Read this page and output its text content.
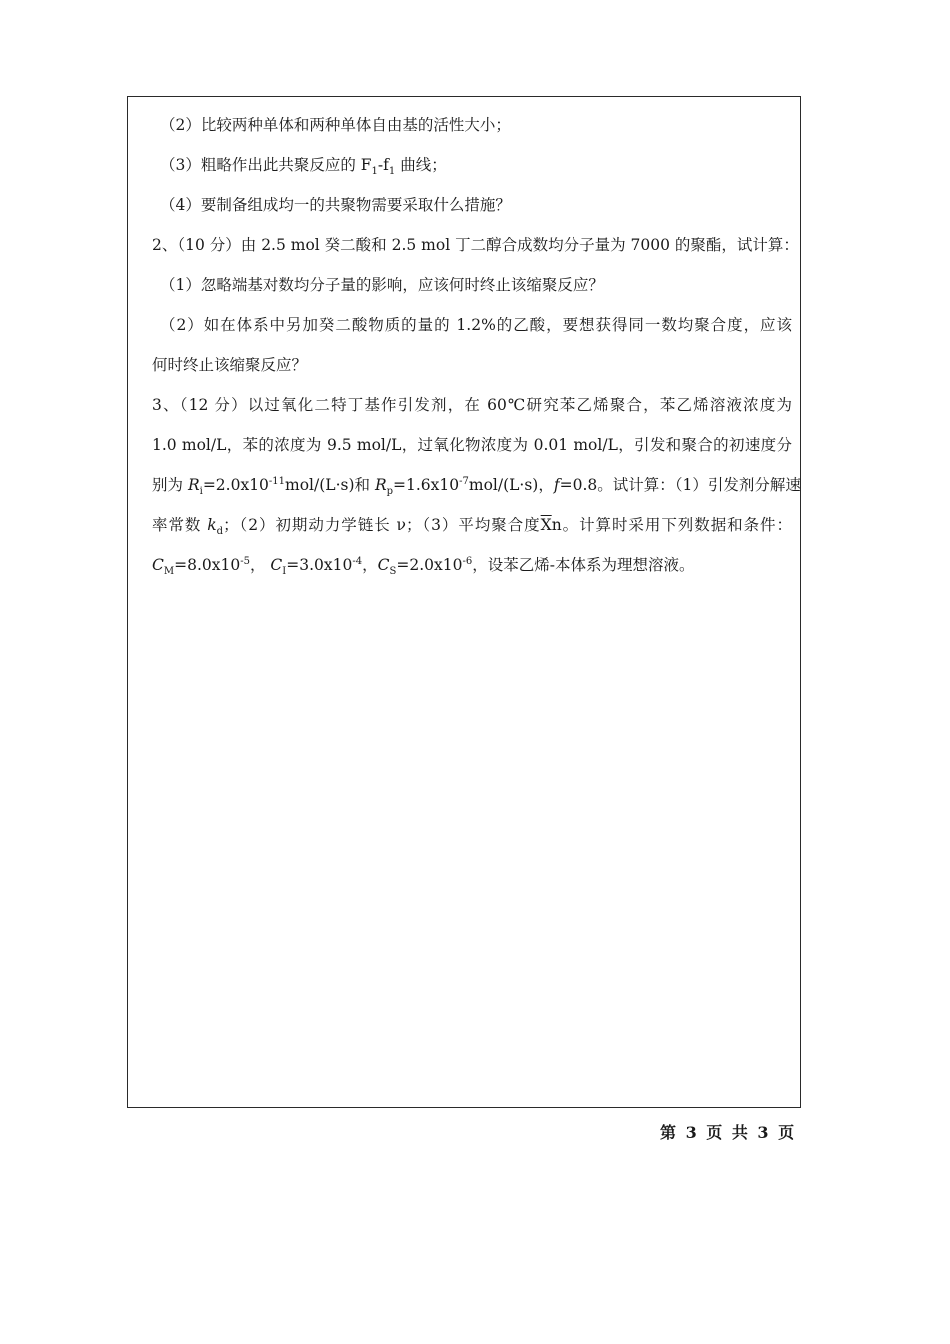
（2）比较两种单体和两种单体自由基的活性大小；

（3）粗略作出此共聚反应的 $F_1-f_1$ 曲线；

（4）要制备组成均一的共聚物需要采取什么措施？

2、（10 分）由 2.5 mol 癸二酸和 2.5 mol 丁二醇合成数均分子量为 7000 的聚酯，试计算：

（1）忽略端基对数均分子量的影响，应该何时终止该缩聚反应？

（2）如在体系中另加癸二酸物质的量的 1.2%的乙酸，要想获得同一数均聚合度，应该

何时终止该缩聚反应？

3、（12 分）以过氧化二特丁基作引发剂，在 60℃研究苯乙烯聚合，苯乙烯溶液浓度为

1.0 mol/L，苯的浓度为 9.5 mol/L，过氧化物浓度为 0.01 mol/L，引发和聚合的初速度分

别为 $R_i=2.0x10^{-11}mol/(L\cdot s)$和 $R_p=1.6x10^{-7}mol/(L\cdot s)$，f=0.8。试计算：（1）引发剂分解速

率常数 $k_d$；（2）初期动力学链长 ν；（3）平均聚合度$\overline{X}n$。计算时采用下列数据和条件：

$C_M=8.0x10^{-5}$， $C_I=3.0x10^{-4}$，$C_S=2.0x10^{-6}$，设苯乙烯-本体系为理想溶液。

第 3 页 共 3 页
